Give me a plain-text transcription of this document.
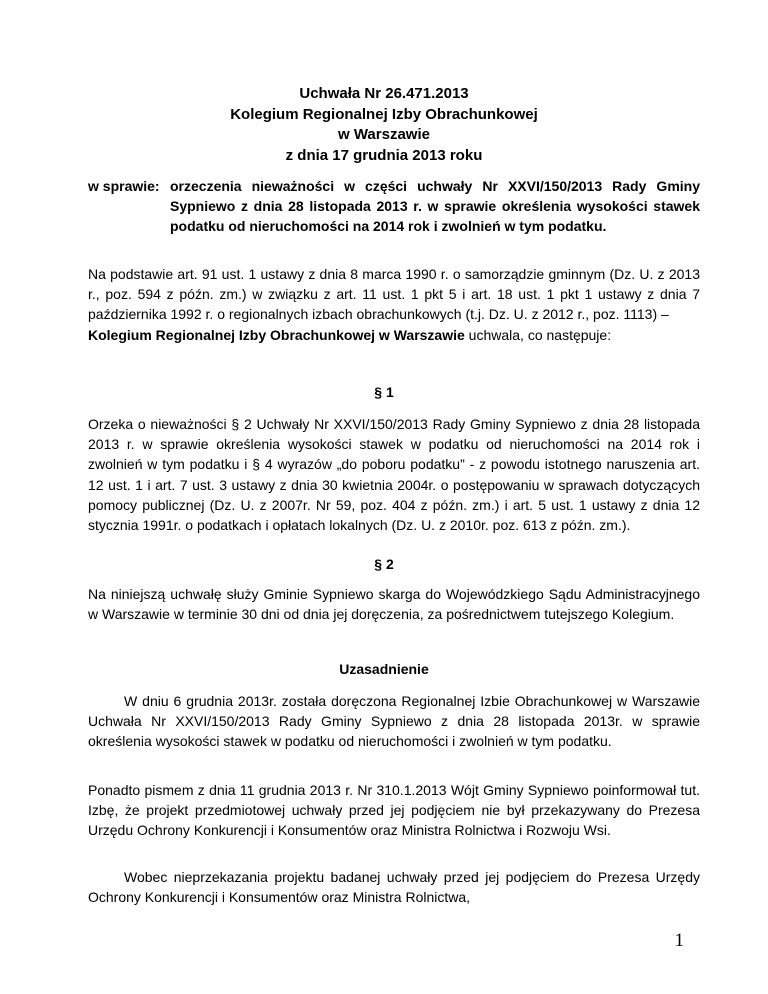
Uchwała Nr 26.471.2013
Kolegium Regionalnej Izby Obrachunkowej
w Warszawie
z dnia 17 grudnia 2013 roku
w sprawie: orzeczenia nieważności w części uchwały Nr XXVI/150/2013 Rady Gminy Sypniewo z dnia 28 listopada 2013 r. w sprawie określenia wysokości stawek podatku od nieruchomości na 2014 rok i zwolnień w tym podatku.
Na podstawie art. 91 ust. 1 ustawy z dnia 8 marca 1990 r. o samorządzie gminnym (Dz. U. z 2013 r., poz. 594 z późn. zm.) w związku z art. 11 ust. 1 pkt 5 i art. 18 ust. 1 pkt 1 ustawy z dnia 7 października 1992 r. o regionalnych izbach obrachunkowych (t.j. Dz. U. z 2012 r., poz. 1113) –
Kolegium Regionalnej Izby Obrachunkowej w Warszawie uchwala, co następuje:
§ 1
Orzeka o nieważności § 2 Uchwały Nr XXVI/150/2013 Rady Gminy Sypniewo z dnia 28 listopada 2013 r. w sprawie określenia wysokości stawek w podatku od nieruchomości na 2014 rok i zwolnień w tym podatku i § 4 wyrazów „do poboru podatku” - z powodu istotnego naruszenia art. 12 ust. 1 i art. 7 ust. 3 ustawy z dnia 30 kwietnia 2004r. o postępowaniu w sprawach dotyczących pomocy publicznej (Dz. U. z 2007r. Nr 59, poz. 404 z późn. zm.) i art. 5 ust. 1 ustawy z dnia 12 stycznia 1991r. o podatkach i opłatach lokalnych (Dz. U. z 2010r. poz. 613 z późn. zm.).
§ 2
Na niniejszą uchwałę służy Gminie Sypniewo skarga do Wojewódzkiego Sądu Administracyjnego w Warszawie w terminie 30 dni od dnia jej doręczenia, za pośrednictwem tutejszego Kolegium.
Uzasadnienie
W dniu 6 grudnia 2013r. została doręczona Regionalnej Izbie Obrachunkowej w Warszawie Uchwała Nr XXVI/150/2013 Rady Gminy Sypniewo z dnia 28 listopada 2013r. w sprawie określenia wysokości stawek w podatku od nieruchomości i zwolnień w tym podatku.
Ponadto pismem z dnia 11 grudnia 2013 r. Nr 310.1.2013 Wójt Gminy Sypniewo poinformował tut. Izbę, że projekt przedmiotowej uchwały przed jej podjęciem nie był przekazywany do Prezesa Urzędu Ochrony Konkurencji i Konsumentów oraz Ministra Rolnictwa i Rozwoju Wsi.
Wobec nieprzekazania projektu badanej uchwały przed jej podjęciem do Prezesa Urzędy Ochrony Konkurencji i Konsumentów oraz Ministra Rolnictwa,
1
